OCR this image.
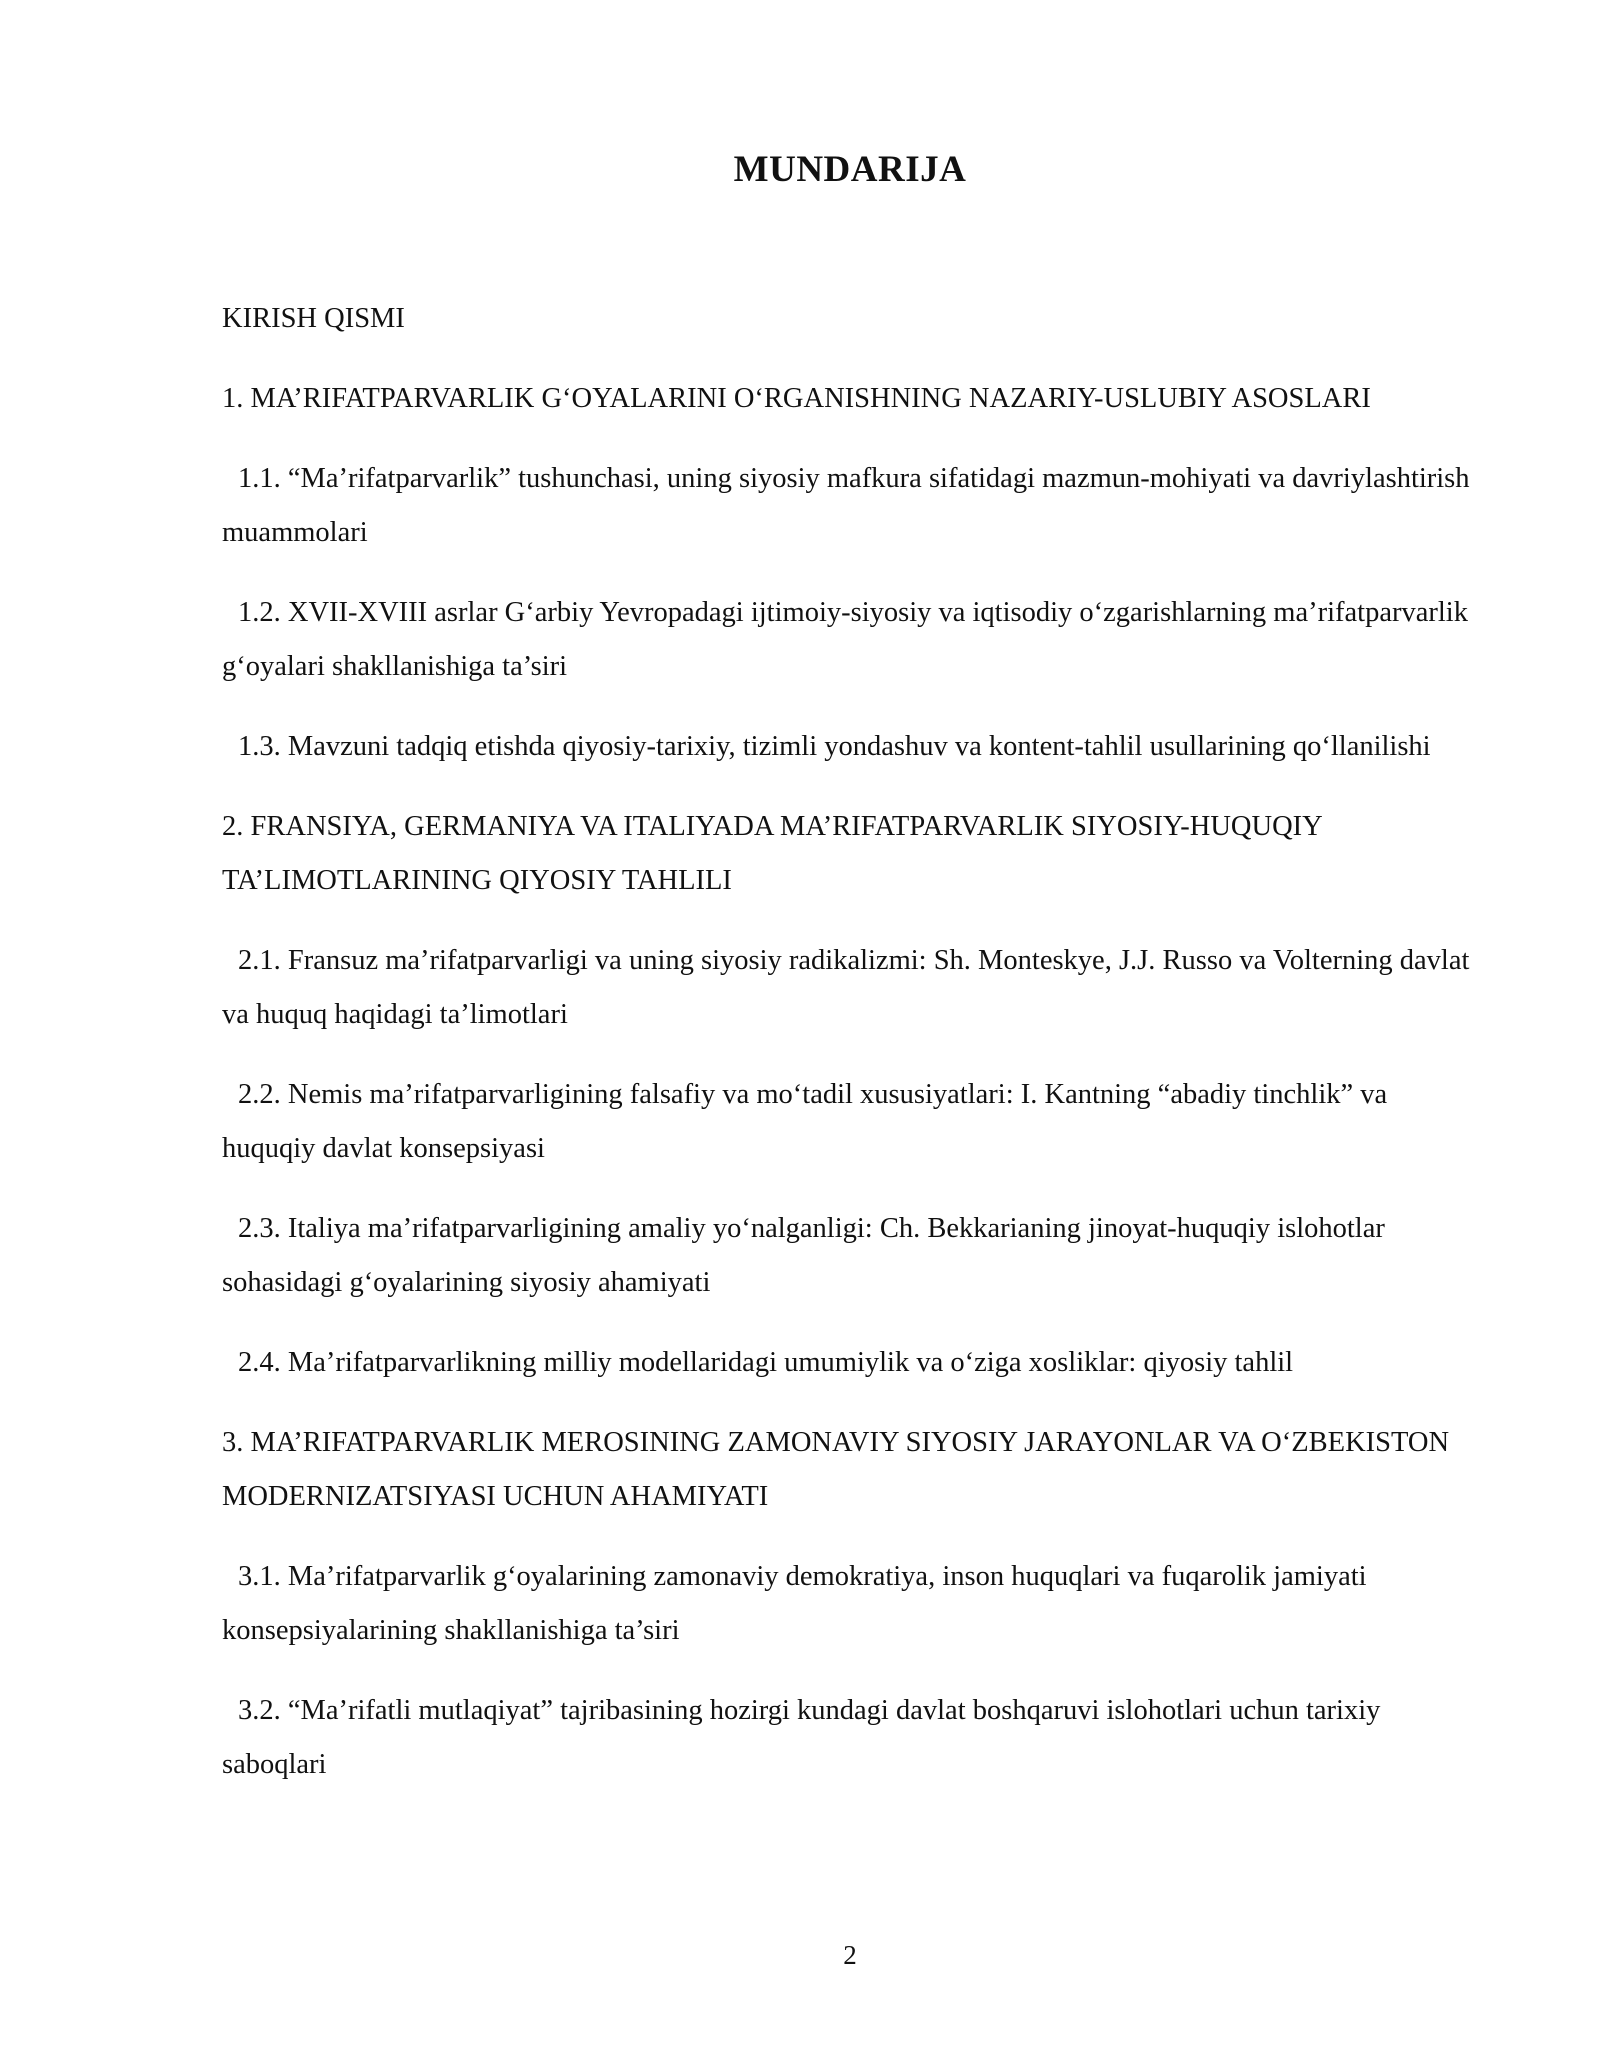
MUNDARIJA

KIRISH QISMI

1. MA’RIFATPARVARLIK G‘OYALARINI O‘RGANISHNING NAZARIY-USLUBIY ASOSLARI

1.1. “Ma’rifatparvarlik” tushunchasi, uning siyosiy mafkura sifatidagi mazmun-mohiyati va davriylashtirish muammolari

1.2. XVII-XVIII asrlar G‘arbiy Yevropadagi ijtimoiy-siyosiy va iqtisodiy o‘zgarishlarning ma’rifatparvarlik g‘oyalari shakllanishiga ta’siri

1.3. Mavzuni tadqiq etishda qiyosiy-tarixiy, tizimli yondashuv va kontent-tahlil usullarining qo‘llanilishi

2. FRANSIYA, GERMANIYA VA ITALIYADA MA’RIFATPARVARLIK SIYOSIY-HUQUQIY TA’LIMOTLARINING QIYOSIY TAHLILI

2.1. Fransuz ma’rifatparvarligi va uning siyosiy radikalizmi: Sh. Monteskye, J.J. Russo va Volterning davlat va huquq haqidagi ta’limotlari

2.2. Nemis ma’rifatparvarligining falsafiy va mo‘tadil xususiyatlari: I. Kantning “abadiy tinchlik” va huquqiy davlat konsepsiyasi

2.3. Italiya ma’rifatparvarligining amaliy yo‘nalganligi: Ch. Bekkarianing jinoyat-huquqiy islohotlar sohasidagi g‘oyalarining siyosiy ahamiyati

2.4. Ma’rifatparvarlikning milliy modellaridagi umumiylik va o‘ziga xosliklar: qiyosiy tahlil

3. MA’RIFATPARVARLIK MEROSINING ZAMONAVIY SIYOSIY JARAYONLAR VA O‘ZBEKISTON MODERNIZATSIYASI UCHUN AHAMIYATI

3.1. Ma’rifatparvarlik g‘oyalarining zamonaviy demokratiya, inson huquqlari va fuqarolik jamiyati konsepsiyalarining shakllanishiga ta’siri

3.2. “Ma’rifatli mutlaqiyat” tajribasining hozirgi kundagi davlat boshqaruvi islohotlari uchun tarixiy saboqlari

2
